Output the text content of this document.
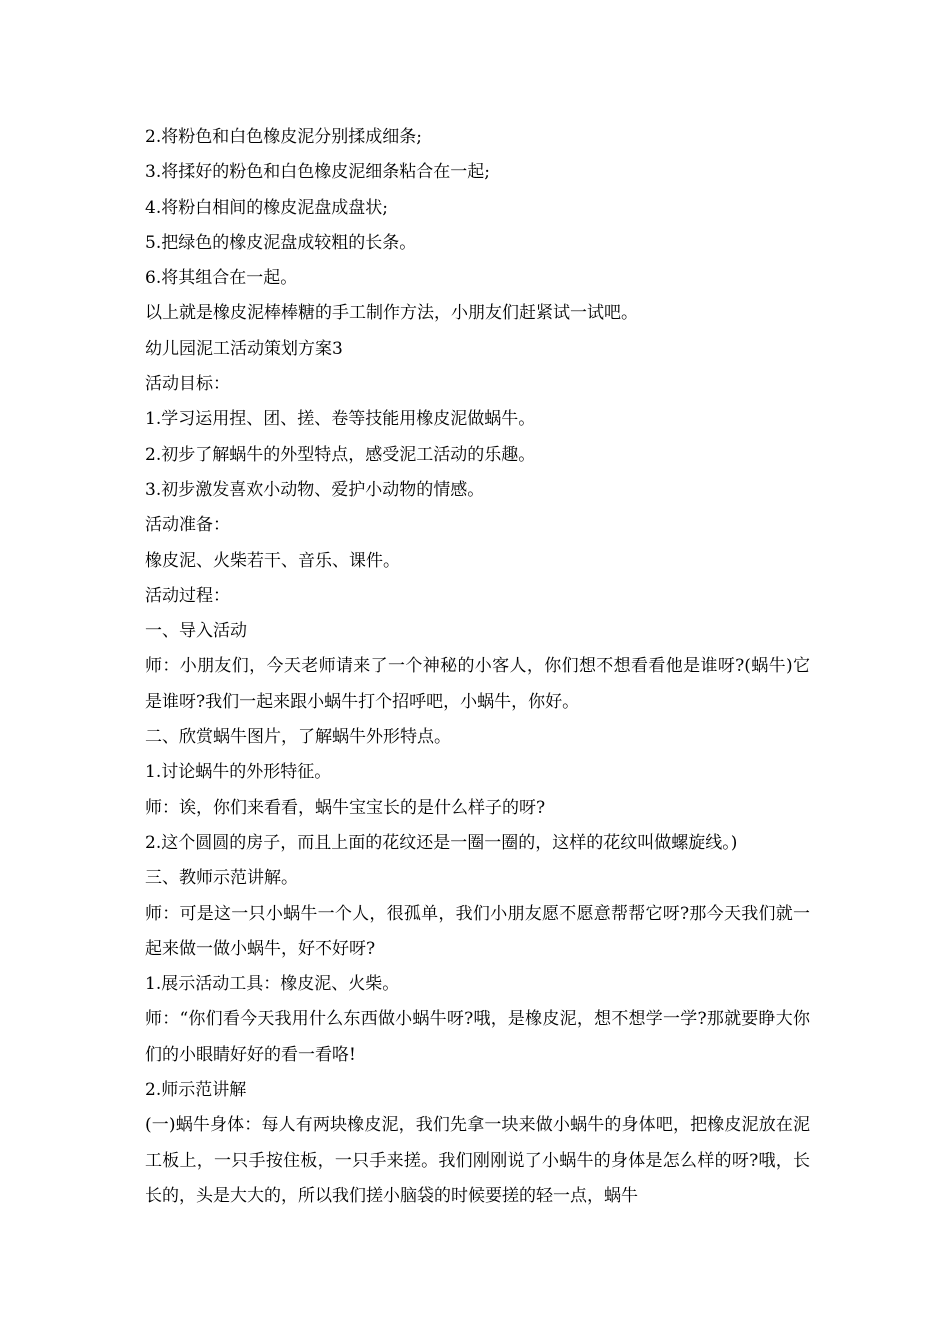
2.将粉色和白色橡皮泥分别揉成细条;

3.将揉好的粉色和白色橡皮泥细条粘合在一起;

4.将粉白相间的橡皮泥盘成盘状;

5.把绿色的橡皮泥盘成较粗的长条。

6.将其组合在一起。

以上就是橡皮泥棒棒糖的手工制作方法，小朋友们赶紧试一试吧。

幼儿园泥工活动策划方案3

活动目标：

1.学习运用捏、团、搓、卷等技能用橡皮泥做蜗牛。

2.初步了解蜗牛的外型特点，感受泥工活动的乐趣。

3.初步激发喜欢小动物、爱护小动物的情感。

活动准备：

橡皮泥、火柴若干、音乐、课件。

活动过程：

一、导入活动

师：小朋友们，今天老师请来了一个神秘的小客人，你们想不想看看他是谁呀?(蜗牛)它是谁呀?我们一起来跟小蜗牛打个招呼吧，小蜗牛，你好。

二、欣赏蜗牛图片，了解蜗牛外形特点。

1.讨论蜗牛的外形特征。

师：诶，你们来看看，蜗牛宝宝长的是什么样子的呀?

2.这个圆圆的房子，而且上面的花纹还是一圈一圈的，这样的花纹叫做螺旋线。)

三、教师示范讲解。

师：可是这一只小蜗牛一个人，很孤单，我们小朋友愿不愿意帮帮它呀?那今天我们就一起来做一做小蜗牛，好不好呀?

1.展示活动工具：橡皮泥、火柴。

师：“你们看今天我用什么东西做小蜗牛呀?哦，是橡皮泥，想不想学一学?那就要睁大你们的小眼睛好好的看一看咯!

2.师示范讲解

(一)蜗牛身体：每人有两块橡皮泥，我们先拿一块来做小蜗牛的身体吧，把橡皮泥放在泥工板上，一只手按住板，一只手来搓。我们刚刚说了小蜗牛的身体是怎么样的呀?哦，长长的，头是大大的，所以我们搓小脑袋的时候要搓的轻一点，蜗牛
